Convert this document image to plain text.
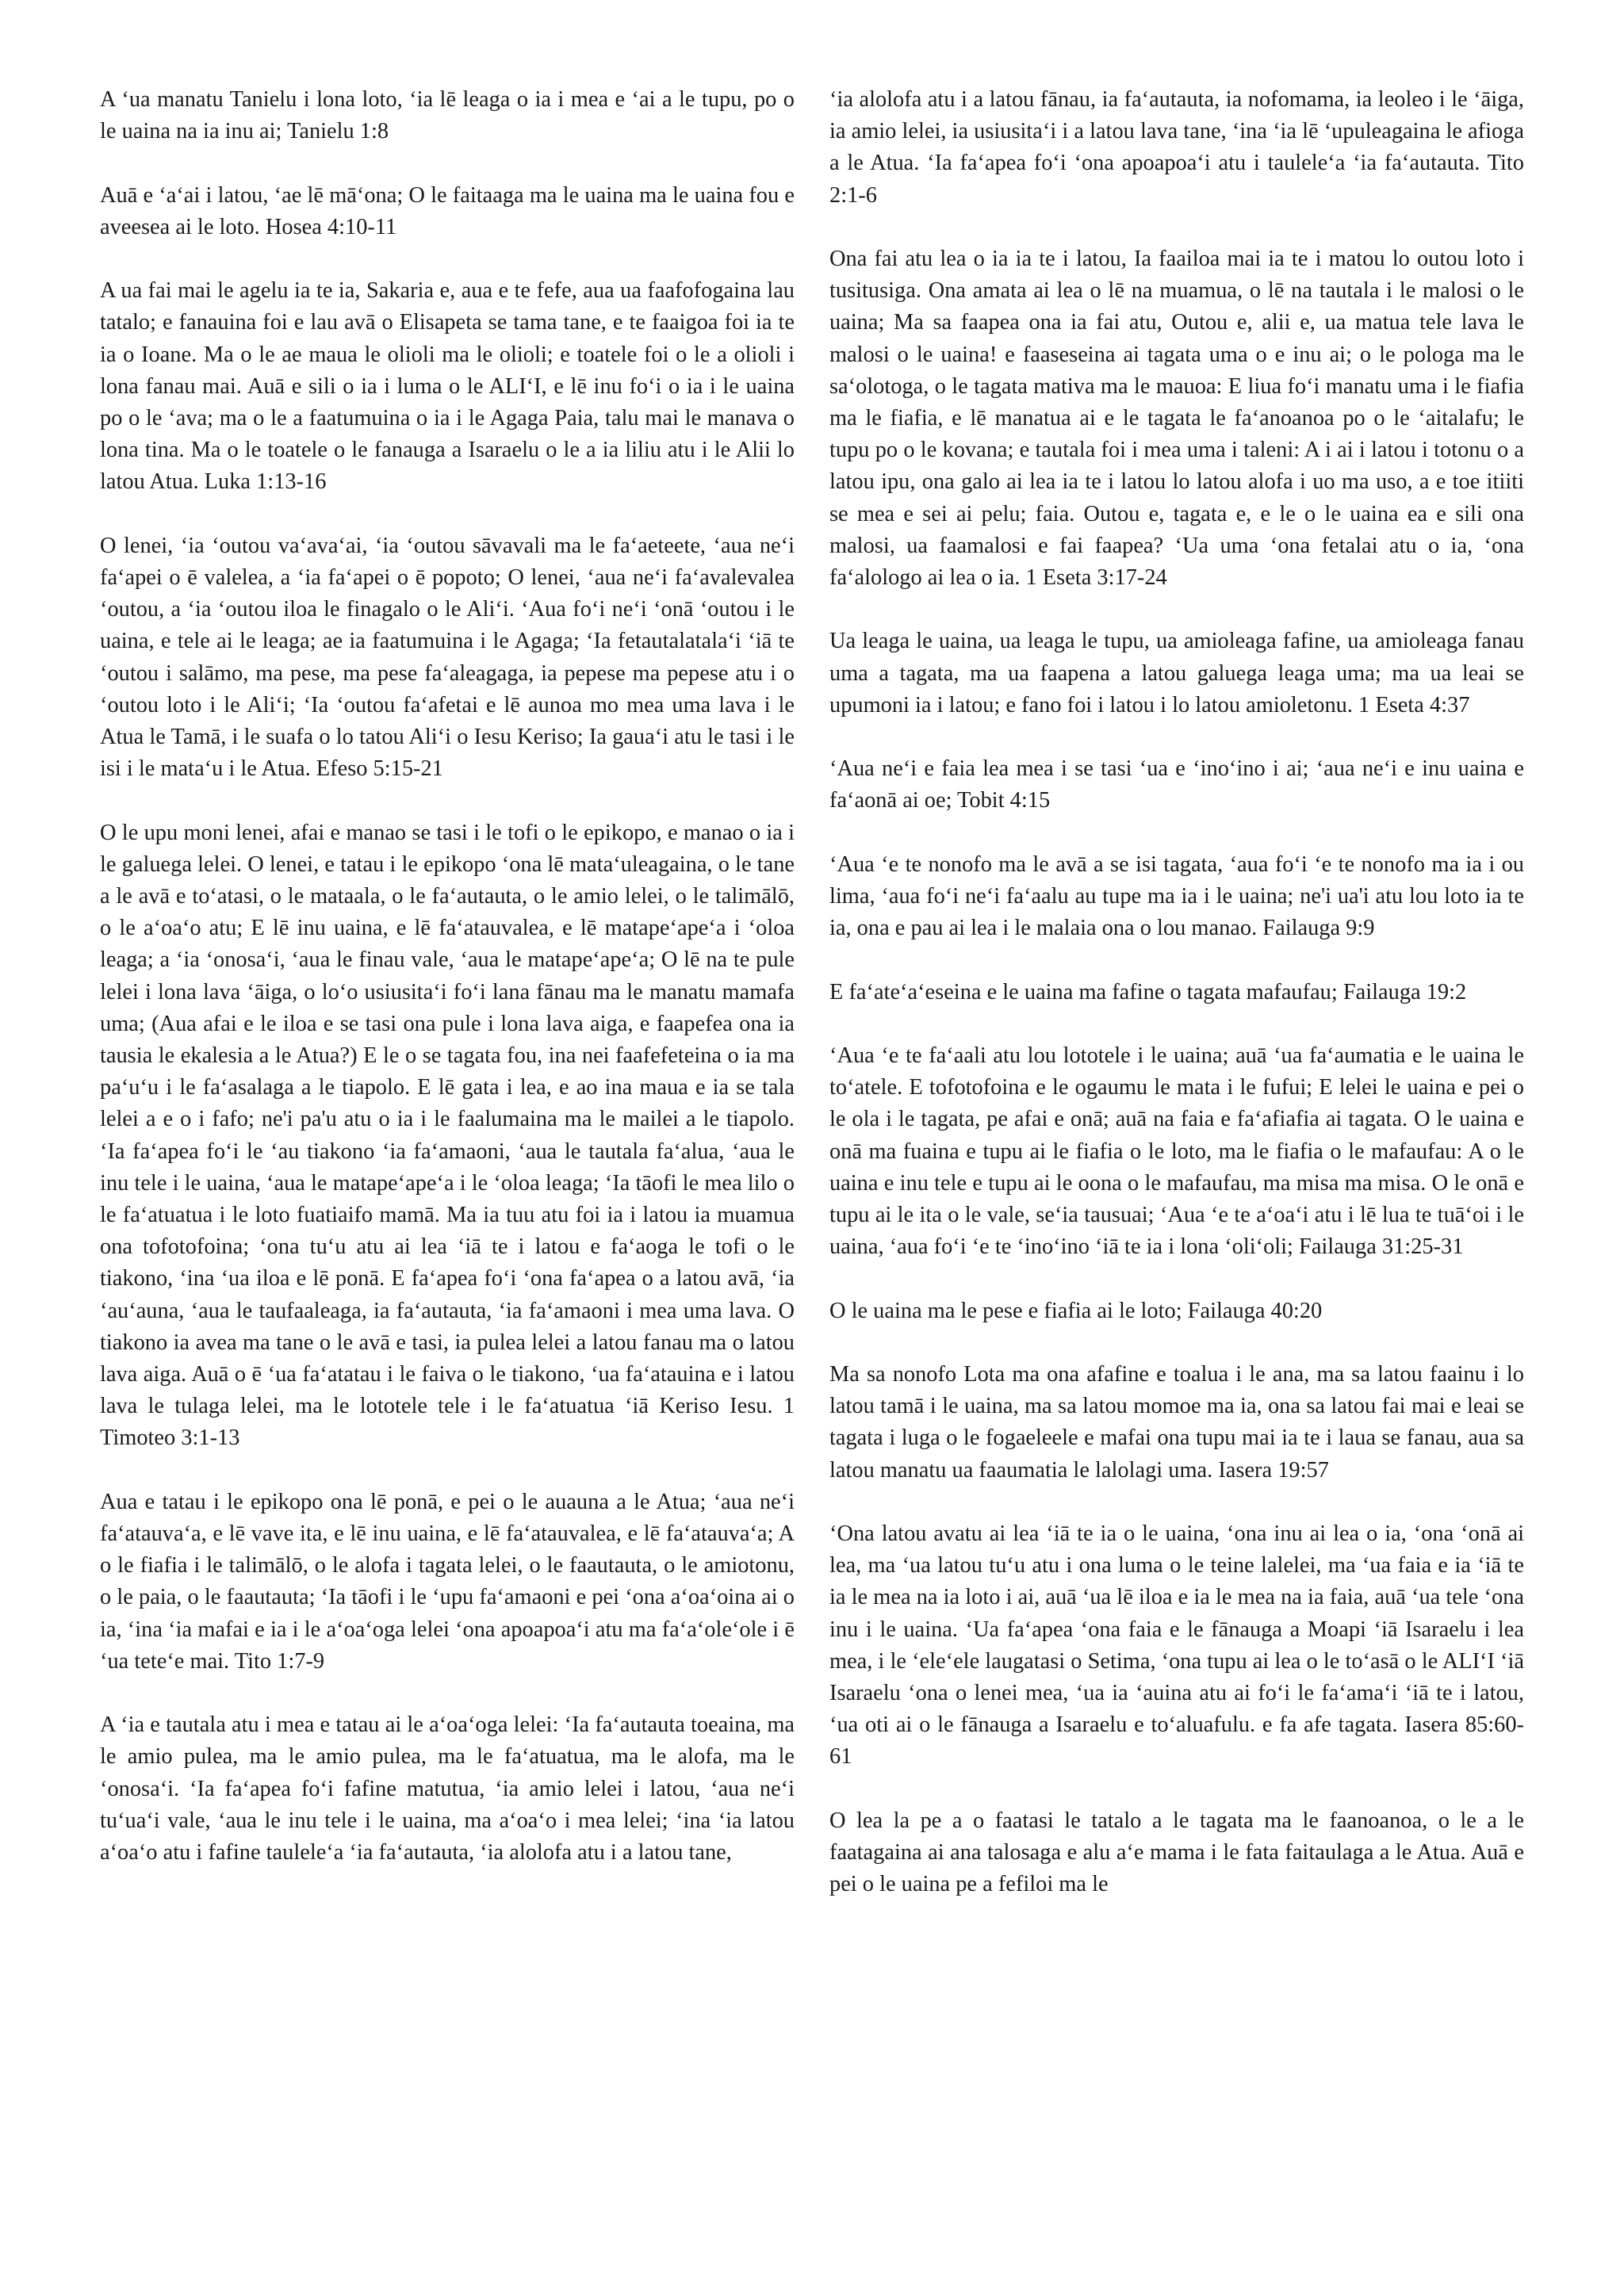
A ʻua manatu Tanielu i lona loto, ʻia lē leaga o ia i mea e ʻai a le tupu, po o le uaina na ia inu ai; Tanielu 1:8

Auā e ʻaʻai i latou, ʻae lē māʻona; O le faitaaga ma le uaina ma le uaina fou e aveesea ai le loto. Hosea 4:10-11

A ua fai mai le agelu ia te ia, Sakaria e, aua e te fefe, aua ua faafofogaina lau tatalo; e fanauina foi e lau avā o Elisapeta se tama tane, e te faaigoa foi ia te ia o Ioane. Ma o le ae maua le olioli ma le olioli; e toatele foi o le a olioli i lona fanau mai. Auā e sili o ia i luma o le ALIʻI, e lē inu foʻi o ia i le uaina po o le ʻava; ma o le a faatumuina o ia i le Agaga Paia, talu mai le manava o lona tina. Ma o le toatele o le fanauga a Isaraelu o le a ia liliu atu i le Alii lo latou Atua. Luka 1:13-16

O lenei, ʻia ʻoutou vaʻavaʻai, ʻia ʻoutou sāvavali ma le faʻaeteete, ʻaua neʻi faʻapei o ē valelea, a ʻia faʻapei o ē popoto; O lenei, ʻaua neʻi faʻavalevalea ʻoutou, a ʻia ʻoutou iloa le finagalo o le Aliʻi. ʻAua foʻi neʻi ʻonā ʻoutou i le uaina, e tele ai le leaga; ae ia faatumuina i le Agaga; ʻIa fetautalatalaʻi ʻiā te ʻoutou i salāmo, ma pese, ma pese faʻaleagaga, ia pepese ma pepese atu i o ʻoutou loto i le Aliʻi; ʻIa ʻoutou faʻafetai e lē aunoa mo mea uma lava i le Atua le Tamā, i le suafa o lo tatou Aliʻi o Iesu Keriso; Ia gauaʻi atu le tasi i le isi i le mataʻu i le Atua. Efeso 5:15-21

O le upu moni lenei, afai e manao se tasi i le tofi o le epikopo, e manao o ia i le galuega lelei. O lenei, e tatau i le epikopo ʻona lē mataʻuleagaina, o le tane a le avā e toʻatasi, o le mataala, o le faʻautauta, o le amio lelei, o le talimālō, o le aʻoaʻo atu; E lē inu uaina, e lē faʻatauvalea, e lē matapeʻapeʻa i ʻoloa leaga; a ʻia ʻonosaʻi, ʻaua le finau vale, ʻaua le matapeʻapeʻa; O lē na te pule lelei i lona lava ʻāiga, o loʻo usiusitaʻi foʻi lana fānau ma le manatu mamafa uma; (Aua afai e le iloa e se tasi ona pule i lona lava aiga, e faapefea ona ia tausia le ekalesia a le Atua?) E le o se tagata fou, ina nei faafefeteina o ia ma paʻuʻu i le faʻasalaga a le tiapolo. E lē gata i lea, e ao ina maua e ia se tala lelei a e o i fafo; ne'i pa'u atu o ia i le faalumaina ma le mailei a le tiapolo. ʻIa faʻapea foʻi le ʻau tiakono ʻia faʻamaoni, ʻaua le tautala faʻalua, ʻaua le inu tele i le uaina, ʻaua le matapeʻapeʻa i le ʻoloa leaga; ʻIa tāofi le mea lilo o le faʻatuatua i le loto fuatiaifo mamā. Ma ia tuu atu foi ia i latou ia muamua ona tofotofoina; ʻona tuʻu atu ai lea ʻiā te i latou e faʻaoga le tofi o le tiakono, ʻina ʻua iloa e lē ponā. E faʻapea foʻi ʻona faʻapea o a latou avā, ʻia ʻauʻauna, ʻaua le taufaaleaga, ia faʻautauta, ʻia faʻamaoni i mea uma lava. O tiakono ia avea ma tane o le avā e tasi, ia pulea lelei a latou fanau ma o latou lava aiga. Auā o ē ʻua faʻatatau i le faiva o le tiakono, ʻua faʻatauina e i latou lava le tulaga lelei, ma le lototele tele i le faʻatuatua ʻiā Keriso Iesu. 1 Timoteo 3:1-13

Aua e tatau i le epikopo ona lē ponā, e pei o le auauna a le Atua; ʻaua neʻi faʻatauvaʻa, e lē vave ita, e lē inu uaina, e lē faʻatauvalea, e lē faʻatauvaʻa; A o le fiafia i le talimālō, o le alofa i tagata lelei, o le faautauta, o le amiotonu, o le paia, o le faautauta; ʻIa tāofi i le ʻupu faʻamaoni e pei ʻona aʻoaʻoina ai o ia, ʻina ʻia mafai e ia i le aʻoaʻoga lelei ʻona apoapoaʻi atu ma faʻaʻoleʻole i ē ʻua teteʻe mai. Tito 1:7-9

A ʻia e tautala atu i mea e tatau ai le aʻoaʻoga lelei: ʻIa faʻautauta toeaina, ma le amio pulea, ma le amio pulea, ma le faʻatuatua, ma le alofa, ma le ʻonosaʻi. ʻIa faʻapea foʻi fafine matutua, ʻia amio lelei i latou, ʻaua neʻi tuʻuaʻi vale, ʻaua le inu tele i le uaina, ma aʻoaʻo i mea lelei; ʻina ʻia latou aʻoaʻo atu i fafine tauleleʻa ʻia faʻautauta, ʻia alolofa atu i a latou tane,

ʻia alolofa atu i a latou fānau, ia faʻautauta, ia nofomama, ia leoleo i le ʻāiga, ia amio lelei, ia usiusitaʻi i a latou lava tane, ʻina ʻia lē ʻupuleagaina le afioga a le Atua. ʻIa faʻapea foʻi ʻona apoapoaʻi atu i tauleleʻa ʻia faʻautauta. Tito 2:1-6

Ona fai atu lea o ia ia te i latou, Ia faailoa mai ia te i matou lo outou loto i tusitusiga. Ona amata ai lea o lē na muamua, o lē na tautala i le malosi o le uaina; Ma sa faapea ona ia fai atu, Outou e, alii e, ua matua tele lava le malosi o le uaina! e faaseseina ai tagata uma o e inu ai; o le pologa ma le saʻolotoga, o le tagata mativa ma le mauoa: E liua foʻi manatu uma i le fiafia ma le fiafia, e lē manatua ai e le tagata le faʻanoanoa po o le ʻaitalafu; le tupu po o le kovana; e tautala foi i mea uma i taleni: A i ai i latou i totonu o a latou ipu, ona galo ai lea ia te i latou lo latou alofa i uo ma uso, a e toe itiiti se mea e sei ai pelu; faia. Outou e, tagata e, e le o le uaina ea e sili ona malosi, ua faamalosi e fai faapea? ʻUa uma ʻona fetalai atu o ia, ʻona faʻalologo ai lea o ia. 1 Eseta 3:17-24

Ua leaga le uaina, ua leaga le tupu, ua amioleaga fafine, ua amioleaga fanau uma a tagata, ma ua faapena a latou galuega leaga uma; ma ua leai se upumoni ia i latou; e fano foi i latou i lo latou amioletonu. 1 Eseta 4:37

ʻAua neʻi e faia lea mea i se tasi ʻua e ʻinoʻino i ai; ʻaua neʻi e inu uaina e faʻaonā ai oe; Tobit 4:15

ʻAua ʻe te nonofo ma le avā a se isi tagata, ʻaua foʻi ʻe te nonofo ma ia i ou lima, ʻaua foʻi neʻi faʻaalu au tupe ma ia i le uaina; ne'i ua'i atu lou loto ia te ia, ona e pau ai lea i le malaia ona o lou manao. Failauga 9:9

E faʻateʻaʻeseina e le uaina ma fafine o tagata mafaufau; Failauga 19:2

ʻAua ʻe te faʻaali atu lou lototele i le uaina; auā ʻua faʻaumatia e le uaina le toʻatele. E tofotofoina e le ogaumu le mata i le fufui; E lelei le uaina e pei o le ola i le tagata, pe afai e onā; auā na faia e faʻafiafia ai tagata. O le uaina e onā ma fuaina e tupu ai le fiafia o le loto, ma le fiafia o le mafaufau: A o le uaina e inu tele e tupu ai le oona o le mafaufau, ma misa ma misa. O le onā e tupu ai le ita o le vale, seʻia tausuai; ʻAua ʻe te aʻoaʻi atu i lē lua te tuāʻoi i le uaina, ʻaua foʻi ʻe te ʻinoʻino ʻiā te ia i lona ʻoliʻoli; Failauga 31:25-31

O le uaina ma le pese e fiafia ai le loto; Failauga 40:20

Ma sa nonofo Lota ma ona afafine e toalua i le ana, ma sa latou faainu i lo latou tamā i le uaina, ma sa latou momoe ma ia, ona sa latou fai mai e leai se tagata i luga o le fogaeleele e mafai ona tupu mai ia te i laua se fanau, aua sa latou manatu ua faaumatia le lalolagi uma. Iasera 19:57

ʻOna latou avatu ai lea ʻiā te ia o le uaina, ʻona inu ai lea o ia, ʻona ʻonā ai lea, ma ʻua latou tuʻu atu i ona luma o le teine lalelei, ma ʻua faia e ia ʻiā te ia le mea na ia loto i ai, auā ʻua lē iloa e ia le mea na ia faia, auā ʻua tele ʻona inu i le uaina. ʻUa faʻapea ʻona faia e le fānauga a Moapi ʻiā Isaraelu i lea mea, i le ʻeleʻele laugatasi o Setima, ʻona tupu ai lea o le toʻasā o le ALIʻI ʻiā Isaraelu ʻona o lenei mea, ʻua ia ʻauina atu ai foʻi le faʻamaʻi ʻiā te i latou, ʻua oti ai o le fānauga a Isaraelu e toʻaluafulu. e fa afe tagata. Iasera 85:60-61

O lea la pe a o faatasi le tatalo a le tagata ma le faanoanoa, o le a le faatagaina ai ana talosaga e alu aʻe mama i le fata faitaulaga a le Atua. Auā e pei o le uaina pe a fefiloi ma le
